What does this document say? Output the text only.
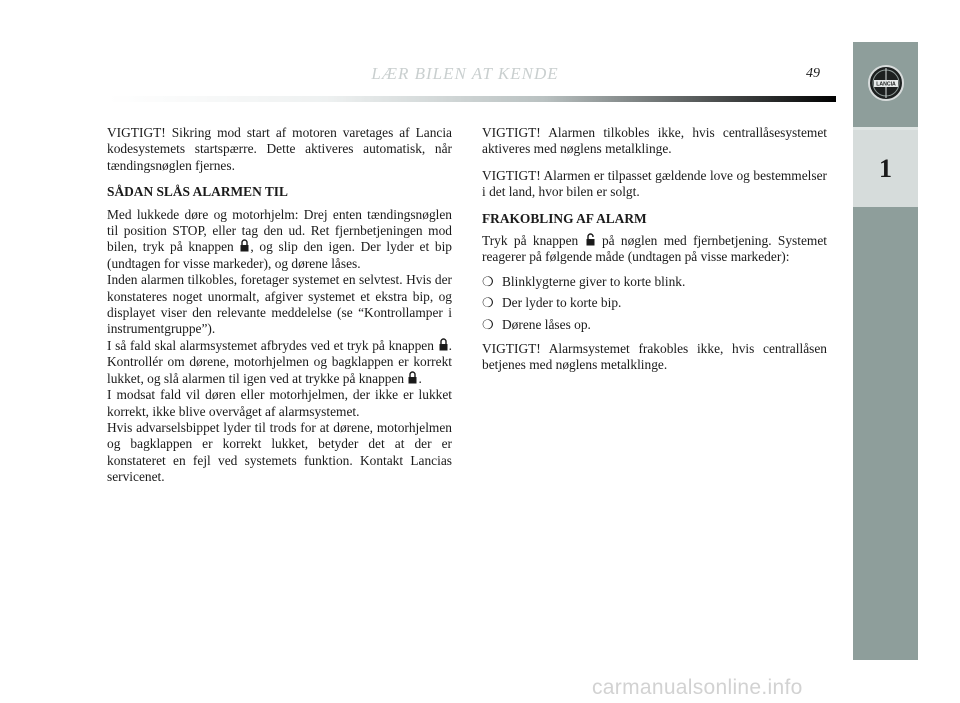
LÆR BILEN AT KENDE	49
LANCIA
1

VIGTIGT! Sikring mod start af motoren varetages af Lancia kodesystemets startspærre. Dette aktiveres automatisk, når tændingsnøglen fjernes.

SÅDAN SLÅS ALARMEN TIL

Med lukkede døre og motorhjelm: Drej enten tændingsnøglen til position STOP, eller tag den ud. Ret fjernbetjeningen mod bilen, tryk på knappen , og slip den igen. Der lyder et bip (undtagen for visse markeder), og dørene låses.

Inden alarmen tilkobles, foretager systemet en selvtest. Hvis der konstateres noget unormalt, afgiver systemet et ekstra bip, og displayet viser den relevante meddelelse (se “Kontrollamper i instrumentgruppe”).

I så fald skal alarmsystemet afbrydes ved et tryk på knappen . Kontrollér om dørene, motorhjelmen og bagklappen er korrekt lukket, og slå alarmen til igen ved at trykke på knappen .

I modsat fald vil døren eller motorhjelmen, der ikke er lukket korrekt, ikke blive overvåget af alarmsystemet.

Hvis advarselsbippet lyder til trods for at dørene, motorhjelmen og bagklappen er korrekt lukket, betyder det at der er konstateret en fejl ved systemets funktion. Kontakt Lancias servicenet.

VIGTIGT! Alarmen tilkobles ikke, hvis centrallåsesystemet aktiveres med nøglens metalklinge.

VIGTIGT! Alarmen er tilpasset gældende love og bestemmelser i det land, hvor bilen er solgt.

FRAKOBLING AF ALARM

Tryk på knappen på nøglen med fjernbetjening. Systemet reagerer på følgende måde (undtagen på visse markeder):

❍ Blinklygterne giver to korte blink.
❍ Der lyder to korte bip.
❍ Dørene låses op.

VIGTIGT! Alarmsystemet frakobles ikke, hvis centrallåsen betjenes med nøglens metalklinge.

carmanualsonline.info
